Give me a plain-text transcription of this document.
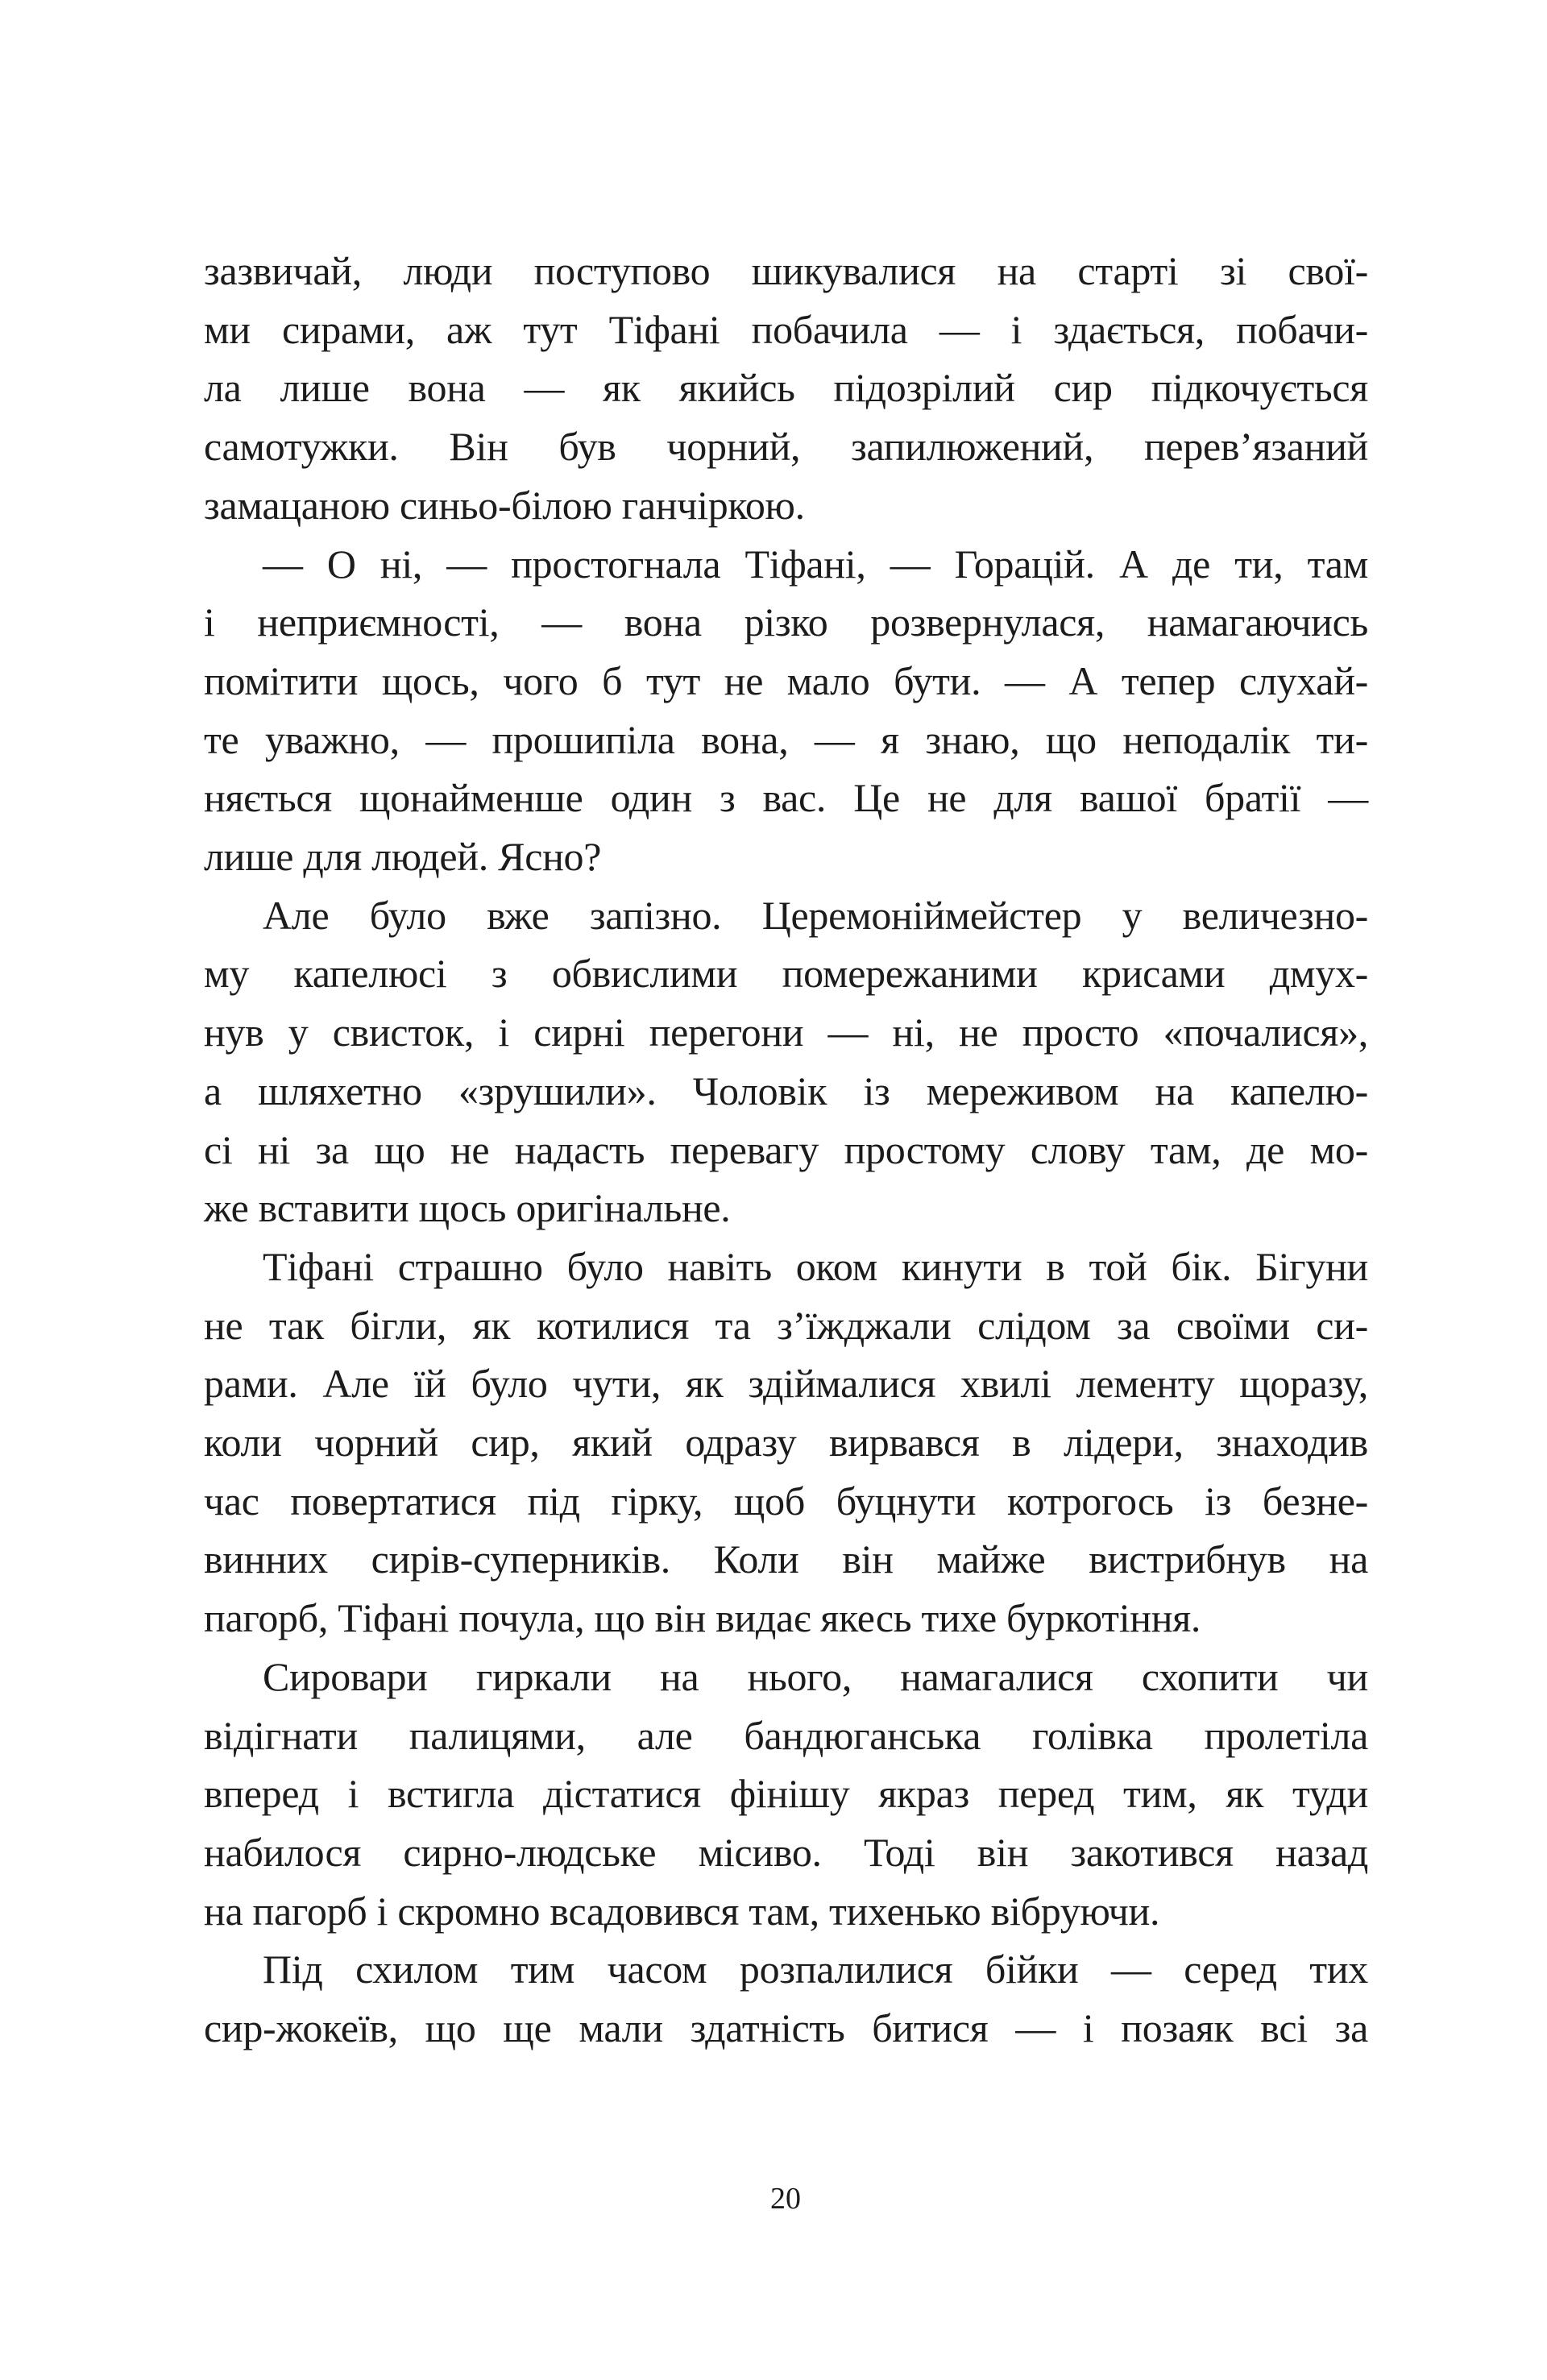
зазвичай, люди поступово шикувалися на старті зі свої-
ми сирами, аж тут Тіфані побачила — і здається, побачи-
ла лише вона — як якийсь підозрілий сир підкочується
самотужки. Він був чорний, запилюжений, перев’язаний
замацаною синьо-білою ганчіркою.
— О ні, — простогнала Тіфані, — Горацій. А де ти, там
і неприємності, — вона різко розвернулася, намагаючись
помітити щось, чого б тут не мало бути. — А тепер слухай-
те уважно, — прошипіла вона, — я знаю, що неподалік ти-
няється щонайменше один з вас. Це не для вашої братії —
лише для людей. Ясно?
Але було вже запізно. Церемоніймейстер у величезно-
му капелюсі з обвислими помережаними крисами дмух-
нув у свисток, і сирні перегони — ні, не просто «почалися»,
а шляхетно «зрушили». Чоловік із мереживом на капелю-
сі ні за що не надасть перевагу простому слову там, де мо-
же вставити щось оригінальне.
Тіфані страшно було навіть оком кинути в той бік. Бігуни
не так бігли, як котилися та з’їжджали слідом за своїми си-
рами. Але їй було чути, як здіймалися хвилі лементу щоразу,
коли чорний сир, який одразу вирвався в лідери, знаходив
час повертатися під гірку, щоб буцнути котрогось із безне-
винних сирів-суперників. Коли він майже вистрибнув на
пагорб, Тіфані почула, що він видає якесь тихе буркотіння.
Сировари гиркали на нього, намагалися схопити чи
відігнати палицями, але бандюганська голівка пролетіла
вперед і встигла дістатися фінішу якраз перед тим, як туди
набилося сирно-людське місиво. Тоді він закотився назад
на пагорб і скромно всадовився там, тихенько вібруючи.
Під схилом тим часом розпалилися бійки — серед тих
сир-жокеїв, що ще мали здатність битися — і позаяк всі за
20
